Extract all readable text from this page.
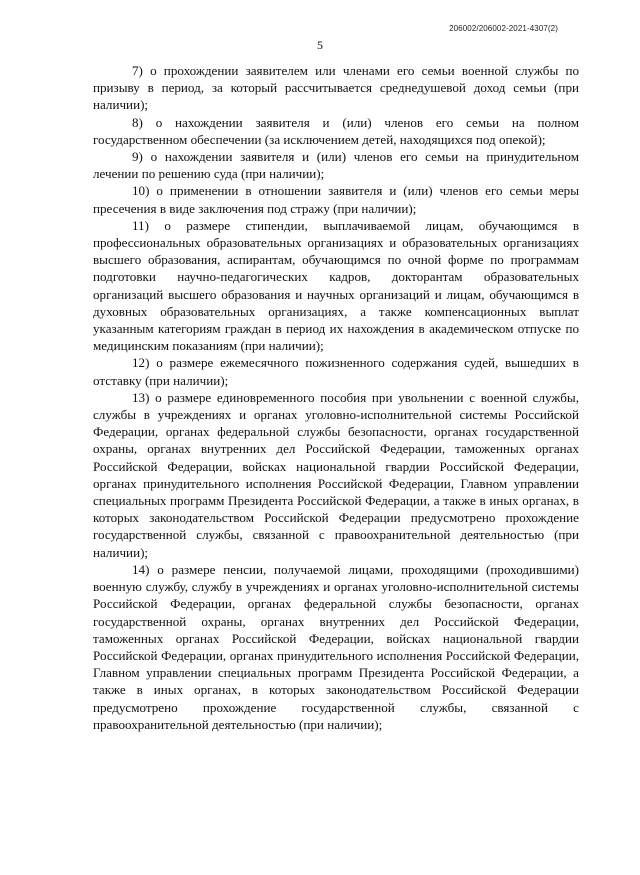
206002/206002-2021-4307(2)
5

7) о прохождении заявителем или членами его семьи военной службы по призыву в период, за который рассчитывается среднедушевой доход семьи (при наличии);

8) о нахождении заявителя и (или) членов его семьи на полном государственном обеспечении (за исключением детей, находящихся под опекой);

9) о нахождении заявителя и (или) членов его семьи на принудительном лечении по решению суда (при наличии);

10) о применении в отношении заявителя и (или) членов его семьи меры пресечения в виде заключения под стражу (при наличии);

11) о размере стипендии, выплачиваемой лицам, обучающимся в профессиональных образовательных организациях и образовательных организациях высшего образования, аспирантам, обучающимся по очной форме по программам подготовки научно-педагогических кадров, докторантам образовательных организаций высшего образования и научных организаций и лицам, обучающимся в духовных образовательных организациях, а также компенсационных выплат указанным категориям граждан в период их нахождения в академическом отпуске по медицинским показаниям (при наличии);

12) о размере ежемесячного пожизненного содержания судей, вышедших в отставку (при наличии);

13) о размере единовременного пособия при увольнении с военной службы, службы в учреждениях и органах уголовно-исполнительной системы Российской Федерации, органах федеральной службы безопасности, органах государственной охраны, органах внутренних дел Российской Федерации, таможенных органах Российской Федерации, войсках национальной гвардии Российской Федерации, органах принудительного исполнения Российской Федерации, Главном управлении специальных программ Президента Российской Федерации, а также в иных органах, в которых законодательством Российской Федерации предусмотрено прохождение государственной службы, связанной с правоохранительной деятельностью (при наличии);

14) о размере пенсии, получаемой лицами, проходящими (проходившими) военную службу, службу в учреждениях и органах уголовно-исполнительной системы Российской Федерации, органах федеральной службы безопасности, органах государственной охраны, органах внутренних дел Российской Федерации, таможенных органах Российской Федерации, войсках национальной гвардии Российской Федерации, органах принудительного исполнения Российской Федерации, Главном управлении специальных программ Президента Российской Федерации, а также в иных органах, в которых законодательством Российской Федерации предусмотрено прохождение государственной службы, связанной с правоохранительной деятельностью (при наличии);
